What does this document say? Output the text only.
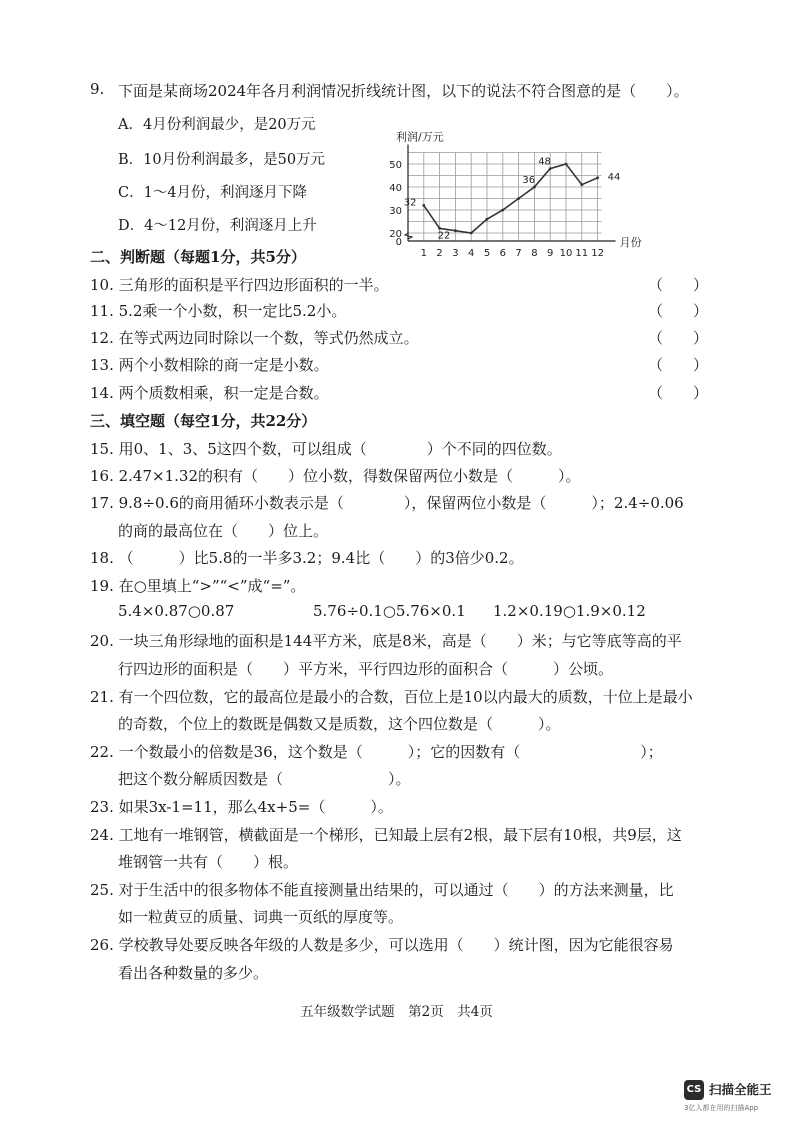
9. 下面是某商场2024年各月利润情况折线统计图，以下的说法不符合图意的是（　　）。
A．4月份利润最少，是20万元
B．10月份利润最多，是50万元
C．1～4月份，利润逐月下降
D．4～12月份，利润逐月上升
利润/万元
月份
0
20
30
40
50
1 2 3 4 5 6 7 8 9 10 11 12
32
22
36
48
44
二、判断题（每题1分，共5分）
10. 三角形的面积是平行四边形面积的一半。	（　　）
11. 5.2乘一个小数，积一定比5.2小。	（　　）
12. 在等式两边同时除以一个数，等式仍然成立。	（　　）
13. 两个小数相除的商一定是小数。	（　　）
14. 两个质数相乘，积一定是合数。	（　　）
三、填空题（每空1分，共22分）
15. 用0、1、3、5这四个数，可以组成（　　　　）个不同的四位数。
16. 2.47×1.32的积有（　　）位小数，得数保留两位小数是（　　　）。
17. 9.8÷0.6的商用循环小数表示是（　　　　），保留两位小数是（　　　）；2.4÷0.06
的商的最高位在（　　）位上。
18. （　　　）比5.8的一半多3.2；9.4比（　　）的3倍少0.2。
19. 在○里填上“>”“<”成“=”。
5.4×0.87○0.87	5.76÷0.1○5.76×0.1 1.2×0.19○1.9×0.12
20. 一块三角形绿地的面积是144平方米，底是8米，高是（　　）米；与它等底等高的平
行四边形的面积是（　　）平方米，平行四边形的面积合（　　　）公顷。
21. 有一个四位数，它的最高位是最小的合数，百位上是10以内最大的质数，十位上是最小
的奇数，个位上的数既是偶数又是质数，这个四位数是（　　　）。
22. 一个数最小的倍数是36，这个数是（　　　）；它的因数有（　　　　　　　　）；
把这个数分解质因数是（　　　　　　　）。
23. 如果3x-1=11，那么4x+5=（　　　）。
24. 工地有一堆钢管，横截面是一个梯形，已知最上层有2根，最下层有10根，共9层，这
堆钢管一共有（　　）根。
25. 对于生活中的很多物体不能直接测量出结果的，可以通过（　　）的方法来测量，比
如一粒黄豆的质量、词典一页纸的厚度等。
26. 学校教导处要反映各年级的人数是多少，可以选用（　　）统计图，因为它能很容易
看出各种数量的多少。
五年级数学试题　第2页　共4页
CS 扫描全能王
3亿人都在用的扫描App
